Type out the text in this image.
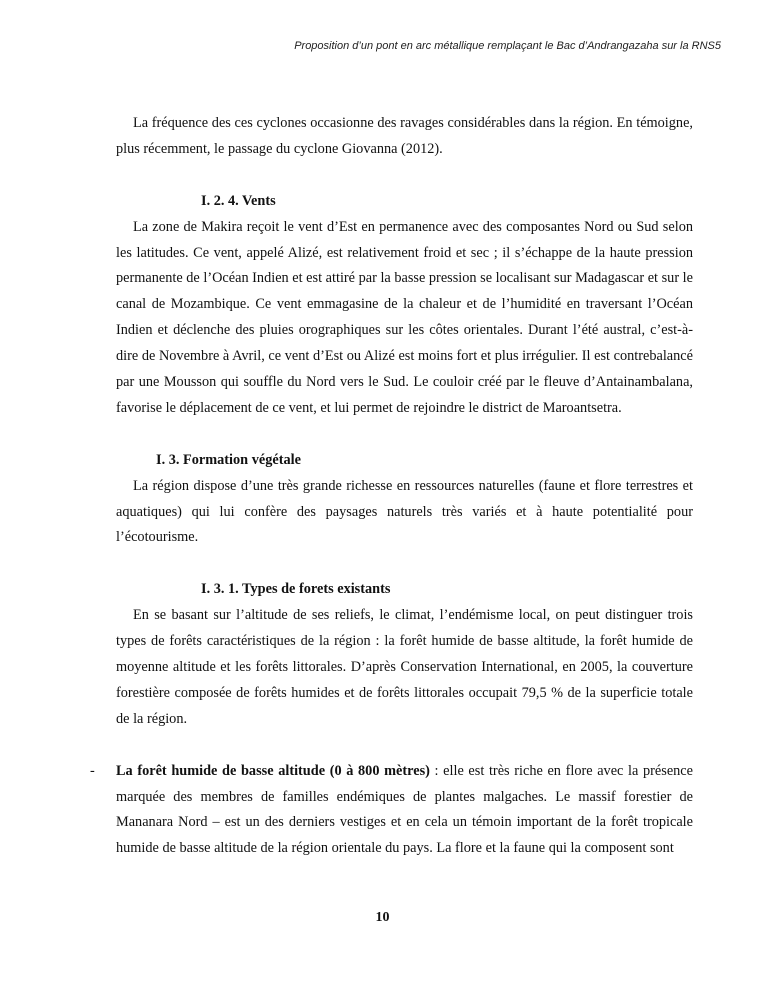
Proposition d’un pont en arc métallique remplaçant le Bac d’Andrangazaha sur la RNS5

La fréquence des ces cyclones occasionne des ravages considérables dans la région. En témoigne, plus récemment, le passage du cyclone Giovanna (2012).

I. 2. 4. Vents

La zone de Makira reçoit le vent d’Est en permanence avec des composantes Nord ou Sud selon les latitudes. Ce vent, appelé Alizé, est relativement froid et sec ; il s’échappe de la haute pression permanente de l’Océan Indien et est attiré par la basse pression se localisant sur Madagascar et sur le canal de Mozambique. Ce vent emmagasine de la chaleur et de l’humidité en traversant l’Océan Indien et déclenche des pluies orographiques sur les côtes orientales. Durant l’été austral, c’est-à-dire de Novembre à Avril, ce vent d’Est ou Alizé est moins fort et plus irrégulier. Il est contrebalancé par une Mousson qui souffle du Nord vers le Sud. Le couloir créé par le fleuve d’Antainambalana, favorise le déplacement de ce vent, et lui permet de rejoindre le district de Maroantsetra.

I. 3. Formation végétale

La région dispose d’une très grande richesse en ressources naturelles (faune et flore terrestres et aquatiques) qui lui confère des paysages naturels très variés et à haute potentialité pour l’écotourisme.

I. 3. 1. Types de forets existants

En se basant sur l’altitude de ses reliefs, le climat, l’endémisme local, on peut distinguer trois types de forêts caractéristiques de la région : la forêt humide de basse altitude, la forêt humide de moyenne altitude et les forêts littorales. D’après Conservation International, en 2005, la couverture forestière composée de forêts humides et de forêts littorales occupait 79,5 % de la superficie totale de la région.

- La forêt humide de basse altitude (0 à 800 mètres) : elle est très riche en flore avec la présence marquée des membres de familles endémiques de plantes malgaches. Le massif forestier de Mananara Nord – est un des derniers vestiges et en cela un témoin important de la forêt tropicale humide de basse altitude de la région orientale du pays. La flore et la faune qui la composent sont

10
